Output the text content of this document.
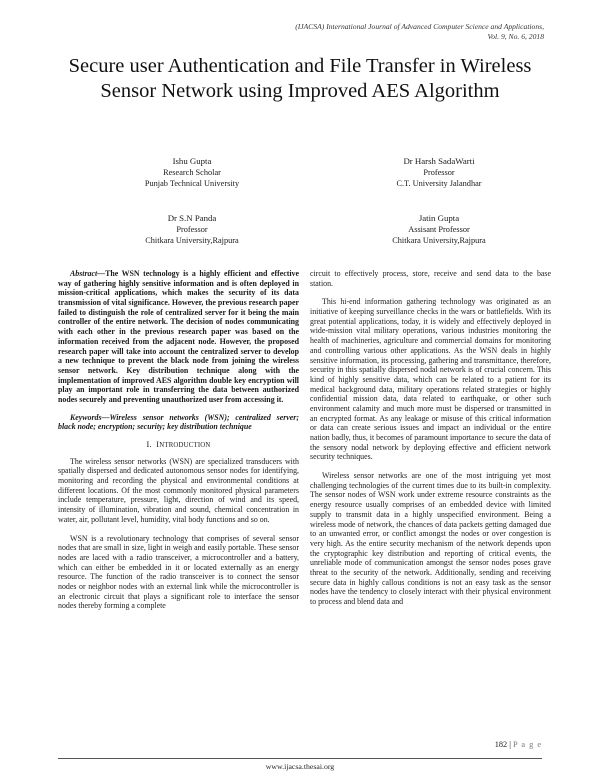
(IJACSA) International Journal of Advanced Computer Science and Applications,
Vol. 9, No. 6, 2018
Secure user Authentication and File Transfer in Wireless Sensor Network using Improved AES Algorithm
Ishu Gupta
Research Scholar
Punjab Technical University
Dr Harsh SadaWarti
Professor
C.T. University Jalandhar
Dr S.N Panda
Professor
Chitkara University,Rajpura
Jatin Gupta
Assisant Professor
Chitkara University,Rajpura

Abstract—The WSN technology is a highly efficient and effective way of gathering highly sensitive information and is often deployed in mission-critical applications, which makes the security of its data transmission of vital significance. However, the previous research paper failed to distinguish the role of centralized server for it being the main controller of the entire network. The decision of nodes communicating with each other in the previous research paper was based on the information received from the adjacent node. However, the proposed research paper will take into account the centralized server to develop a new technique to prevent the black node from joining the wireless sensor network. Key distribution technique along with the implementation of improved AES algorithm double key encryption will play an important role in transferring the data between authorized nodes securely and preventing unauthorized user from accessing it.

Keywords—Wireless sensor networks (WSN); centralized server; black node; encryption; security; key distribution technique

I. INTRODUCTION

The wireless sensor networks (WSN) are specialized transducers with spatially dispersed and dedicated autonomous sensor nodes for identifying, monitoring and recording the physical and environmental conditions at different locations. Of the most commonly monitored physical parameters include temperature, pressure, light, direction of wind and its speed, intensity of illumination, vibration and sound, chemical concentration in water, air, pollutant level, humidity, vital body functions and so on.

WSN is a revolutionary technology that comprises of several sensor nodes that are small in size, light in weigh and easily portable. These sensor nodes are laced with a radio transceiver, a microcontroller and a battery, which can either be embedded in it or located externally as an energy resource. The function of the radio transceiver is to connect the sensor nodes or neighbor nodes with an external link while the microcontroller is an electronic circuit that plays a significant role to interface the sensor nodes thereby forming a complete

circuit to effectively process, store, receive and send data to the base station.

This hi-end information gathering technology was originated as an initiative of keeping surveillance checks in the wars or battlefields. With its great potential applications, today, it is widely and effectively deployed in wide-mission vital military operations, various industries monitoring the health of machineries, agriculture and commercial domains for monitoring and controlling various other applications. As the WSN deals in highly sensitive information, its processing, gathering and transmittance, therefore, security in this spatially dispersed nodal network is of crucial concern. This kind of highly sensitive data, which can be related to a patient for its medical background data, military operations related strategies or highly confidential mission data, data related to earthquake, or other such environment calamity and much more must be dispersed or transmitted in an encrypted format. As any leakage or misuse of this critical information or data can create serious issues and impact an individual or the entire nation badly, thus, it becomes of paramount importance to secure the data of the sensory nodal network by deploying effective and efficient network security techniques.

Wireless sensor networks are one of the most intriguing yet most challenging technologies of the current times due to its built-in complexity. The sensor nodes of WSN work under extreme resource constraints as the energy resource usually comprises of an embedded device with limited supply to transmit data in a highly unspecified environment. Being a wireless mode of network, the chances of data packets getting damaged due to an unwanted error, or conflict amongst the nodes or over congestion is very high. As the entire security mechanism of the network depends upon the cryptographic key distribution and reporting of critical events, the unreliable mode of communication amongst the sensor nodes poses grave threat to the security of the network. Additionally, sending and receiving secure data in highly callous conditions is not an easy task as the sensor nodes have the tendency to closely interact with their physical environment to process and blend data and

182 | P a g e
www.ijacsa.thesai.org
